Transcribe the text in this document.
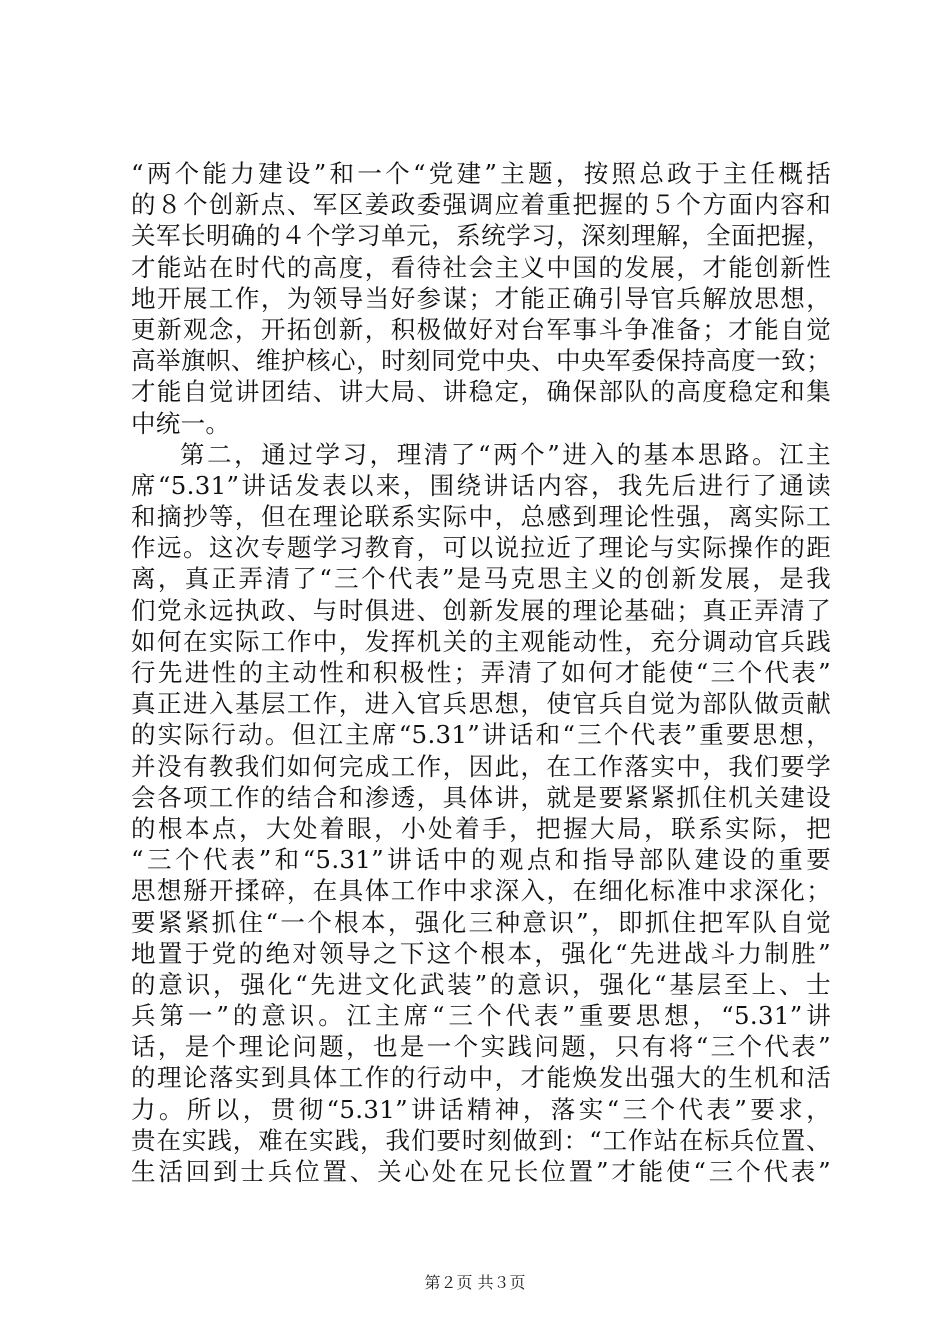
“两个能力建设”和一个“党建”主题，按照总政于主任概括
的８个创新点、军区姜政委强调应着重把握的５个方面内容和
关军长明确的４个学习单元，系统学习，深刻理解，全面把握，
才能站在时代的高度，看待社会主义中国的发展，才能创新性
地开展工作，为领导当好参谋；才能正确引导官兵解放思想，
更新观念，开拓创新，积极做好对台军事斗争准备；才能自觉
高举旗帜、维护核心，时刻同党中央、中央军委保持高度一致；
才能自觉讲团结、讲大局、讲稳定，确保部队的高度稳定和集
中统一。
第二，通过学习，理清了“两个”进入的基本思路。江主
席“5.31”讲话发表以来，围绕讲话内容，我先后进行了通读
和摘抄等，但在理论联系实际中，总感到理论性强，离实际工
作远。这次专题学习教育，可以说拉近了理论与实际操作的距
离，真正弄清了“三个代表”是马克思主义的创新发展，是我
们党永远执政、与时俱进、创新发展的理论基础；真正弄清了
如何在实际工作中，发挥机关的主观能动性，充分调动官兵践
行先进性的主动性和积极性；弄清了如何才能使“三个代表”
真正进入基层工作，进入官兵思想，使官兵自觉为部队做贡献
的实际行动。但江主席“5.31”讲话和“三个代表”重要思想，
并没有教我们如何完成工作，因此，在工作落实中，我们要学
会各项工作的结合和渗透，具体讲，就是要紧紧抓住机关建设
的根本点，大处着眼，小处着手，把握大局，联系实际，把
“三个代表”和“5.31”讲话中的观点和指导部队建设的重要
思想掰开揉碎，在具体工作中求深入，在细化标准中求深化；
要紧紧抓住“一个根本，强化三种意识”，即抓住把军队自觉
地置于党的绝对领导之下这个根本，强化“先进战斗力制胜”
的意识，强化“先进文化武装”的意识，强化“基层至上、士
兵第一”的意识。江主席“三个代表”重要思想，“5.31”讲
话，是个理论问题，也是一个实践问题，只有将“三个代表”
的理论落实到具体工作的行动中，才能焕发出强大的生机和活
力。所以，贯彻“5.31”讲话精神，落实“三个代表”要求，
贵在实践，难在实践，我们要时刻做到：“工作站在标兵位置、
生活回到士兵位置、关心处在兄长位置”才能使“三个代表”
第２页 共３页
